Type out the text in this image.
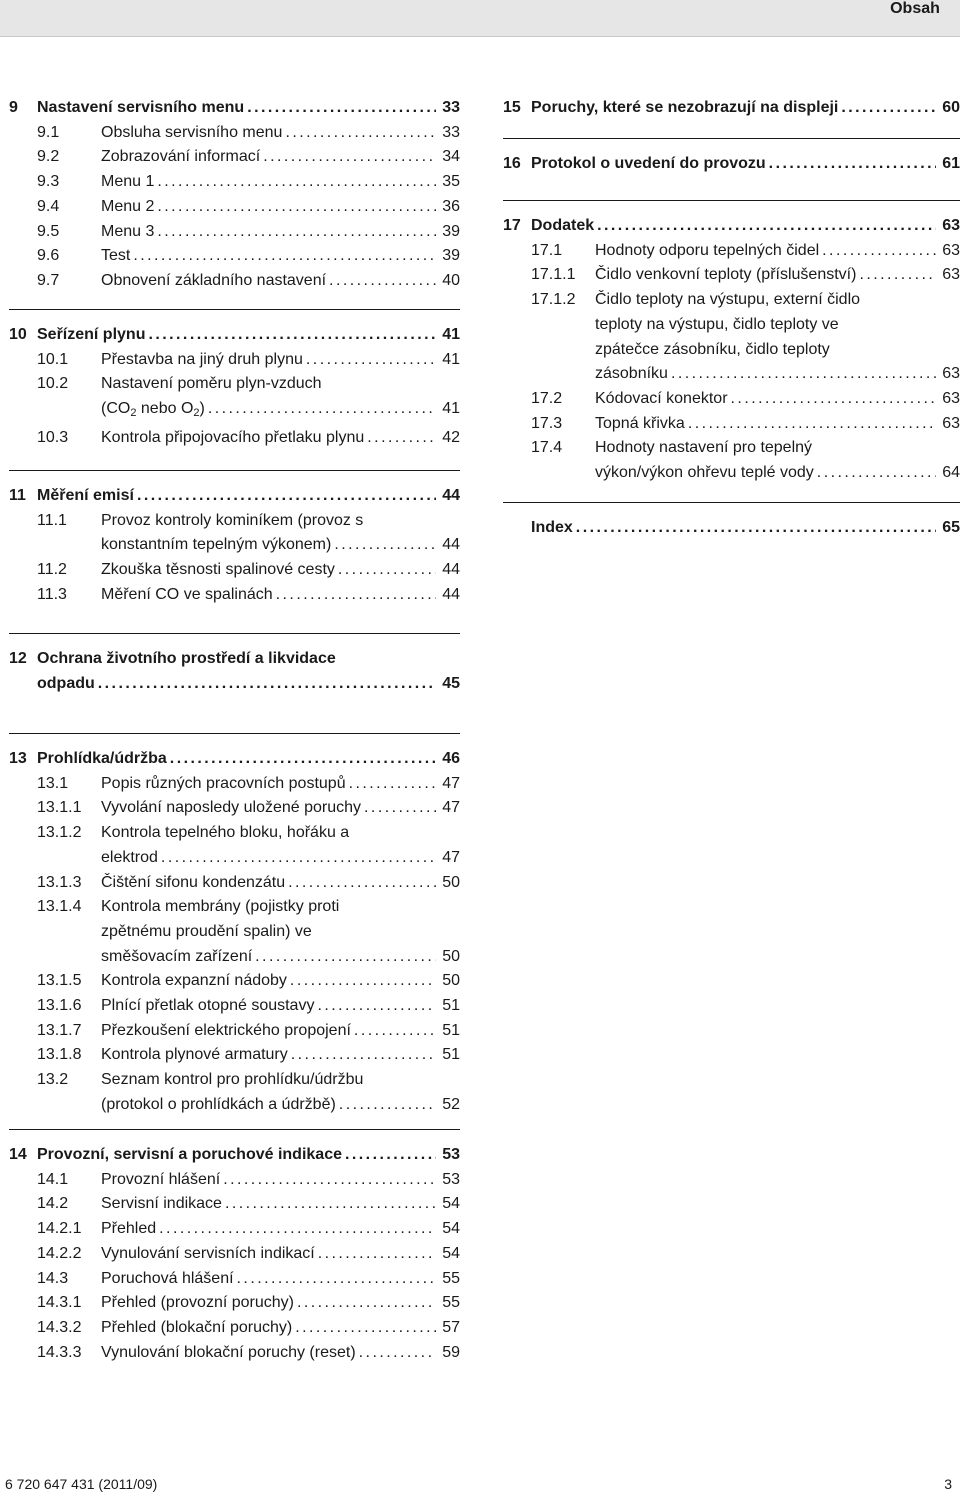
Obsah
9 Nastavení servisního menu . . .	33
9.1	Obsluha servisního menu . . .	33
9.2	Zobrazování informací . . .	34
9.3	Menu 1 . . .	35
9.4	Menu 2 . . .	36
9.5	Menu 3 . . .	39
9.6	Test . . .	39
9.7	Obnovení základního nastavení . . .	40
10 Seřízení plynu . . .	41
10.1 Přestavba na jiný druh plynu . . .	41
10.2 Nastavení poměru plyn-vzduch
($CO_2$ nebo $O_2$) . . .	41
10.3 Kontrola připojovacího přetlaku plynu . . .	42
11 Měření emisí . . .	44
11.1 Provoz kontroly kominíkem (provoz s
konstantním tepelným výkonem) . . .	44
11.2 Zkouška těsnosti spalinové cesty . . .	44
11.3 Měření CO ve spalinách . . .	44
12 Ochrana životního prostředí a likvidace
odpadu . . .	45
13 Prohlídka/údržba . . .	46
13.1 Popis různých pracovních postupů . . .	47
13.1.1 Vyvolání naposledy uložené poruchy . . .	47
13.1.2 Kontrola tepelného bloku, hořáku a
elektrod . . .	47
13.1.3 Čištění sifonu kondenzátu . . .	50
13.1.4 Kontrola membrány (pojistky proti
zpětnému proudění spalin) ve
směšovacím zařízení . . .	50
13.1.5 Kontrola expanzní nádoby . . .	50
13.1.6 Plnící přetlak otopné soustavy . . .	51
13.1.7 Přezkoušení elektrického propojení . . .	51
13.1.8 Kontrola plynové armatury . . .	51
13.2 Seznam kontrol pro prohlídku/údržbu
(protokol o prohlídkách a údržbě) . . .	52
14 Provozní, servisní a poruchové indikace . . .	53
14.1 Provozní hlášení . . .	53
14.2 Servisní indikace . . .	54
14.2.1 Přehled . . .	54
14.2.2 Vynulování servisních indikací . . .	54
14.3 Poruchová hlášení . . .	55
14.3.1 Přehled (provozní poruchy) . . .	55
14.3.2 Přehled (blokační poruchy) . . .	57
14.3.3 Vynulování blokační poruchy (reset) . . .	59
15 Poruchy, které se nezobrazují na displeji . . .	60
16 Protokol o uvedení do provozu . . .	61
17 Dodatek . . .	63
17.1 Hodnoty odporu tepelných čidel . . .	63
17.1.1 Čidlo venkovní teploty (příslušenství) . . .	63
17.1.2 Čidlo teploty na výstupu, externí čidlo
teploty na výstupu, čidlo teploty ve
zpátečce zásobníku, čidlo teploty
zásobníku . . .	63
17.2 Kódovací konektor . . .	63
17.3 Topná křivka . . .	63
17.4 Hodnoty nastavení pro tepelný
výkon/výkon ohřevu teplé vody . . .	64
Index . . .	65
6 720 647 431 (2011/09)	3
